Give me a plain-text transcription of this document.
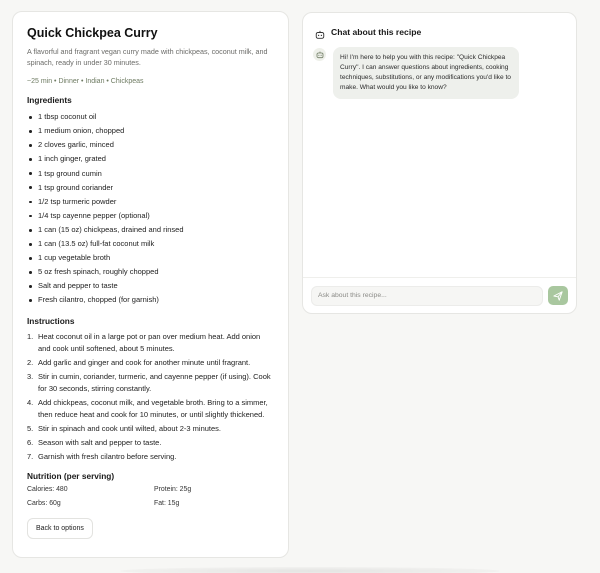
Quick Chickpea Curry
A flavorful and fragrant vegan curry made with chickpeas, coconut milk, and spinach, ready in under 30 minutes.
~25 min • Dinner • Indian • Chickpeas
Ingredients
1 tbsp coconut oil
1 medium onion, chopped
2 cloves garlic, minced
1 inch ginger, grated
1 tsp ground cumin
1 tsp ground coriander
1/2 tsp turmeric powder
1/4 tsp cayenne pepper (optional)
1 can (15 oz) chickpeas, drained and rinsed
1 can (13.5 oz) full-fat coconut milk
1 cup vegetable broth
5 oz fresh spinach, roughly chopped
Salt and pepper to taste
Fresh cilantro, chopped (for garnish)
Instructions
1. Heat coconut oil in a large pot or pan over medium heat. Add onion and cook until softened, about 5 minutes.
2. Add garlic and ginger and cook for another minute until fragrant.
3. Stir in cumin, coriander, turmeric, and cayenne pepper (if using). Cook for 30 seconds, stirring constantly.
4. Add chickpeas, coconut milk, and vegetable broth. Bring to a simmer, then reduce heat and cook for 10 minutes, or until slightly thickened.
5. Stir in spinach and cook until wilted, about 2-3 minutes.
6. Season with salt and pepper to taste.
7. Garnish with fresh cilantro before serving.
Nutrition (per serving)
Calories: 480	Protein: 25g
Carbs: 60g	Fat: 15g
Back to options
Chat about this recipe
Hi! I'm here to help you with this recipe: "Quick Chickpea Curry". I can answer questions about ingredients, cooking techniques, substitutions, or any modifications you'd like to make. What would you like to know?
Ask about this recipe...
